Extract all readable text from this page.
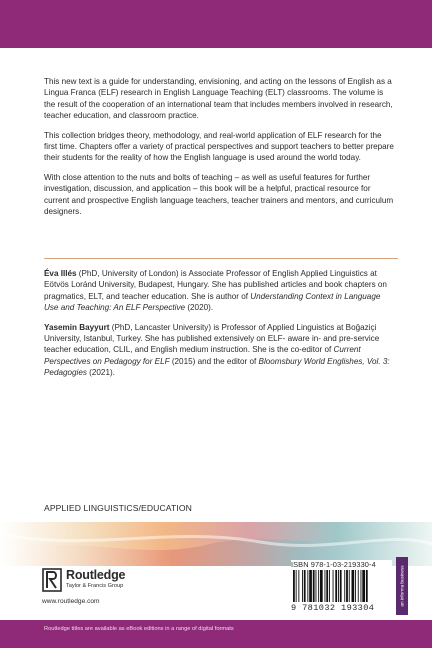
This new text is a guide for understanding, envisioning, and acting on the lessons of English as a Lingua Franca (ELF) research in English Language Teaching (ELT) classrooms. The volume is the result of the cooperation of an international team that includes members involved in research, teacher education, and classroom practice.

This collection bridges theory, methodology, and real-world application of ELF research for the first time. Chapters offer a variety of practical perspectives and support teachers to better prepare their students for the reality of how the English language is used around the world today.

With close attention to the nuts and bolts of teaching – as well as useful features for further investigation, discussion, and application – this book will be a helpful, practical resource for current and prospective English language teachers, teacher trainers and mentors, and curriculum designers.

Éva Illés (PhD, University of London) is Associate Professor of English Applied Linguistics at Eötvös Loránd University, Budapest, Hungary. She has published articles and book chapters on pragmatics, ELT, and teacher education. She is author of Understanding Context in Language Use and Teaching: An ELF Perspective (2020).

Yasemin Bayyurt (PhD, Lancaster University) is Professor of Applied Linguistics at Boğaziçi University, Istanbul, Turkey. She has published extensively on ELF- aware in- and pre-service teacher education, CLIL, and English medium instruction. She is the co-editor of Current Perspectives on Pedagogy for ELF (2015) and the editor of Bloomsbury World Englishes, Vol. 3: Pedagogies (2021).

APPLIED LINGUISTICS/EDUCATION
Routledge
Taylor & Francis Group
www.routledge.com
ISBN 978-1-03-219330-4
9 781032 193304
an informa business
Routledge titles are available as eBook editions in a range of digital formats
